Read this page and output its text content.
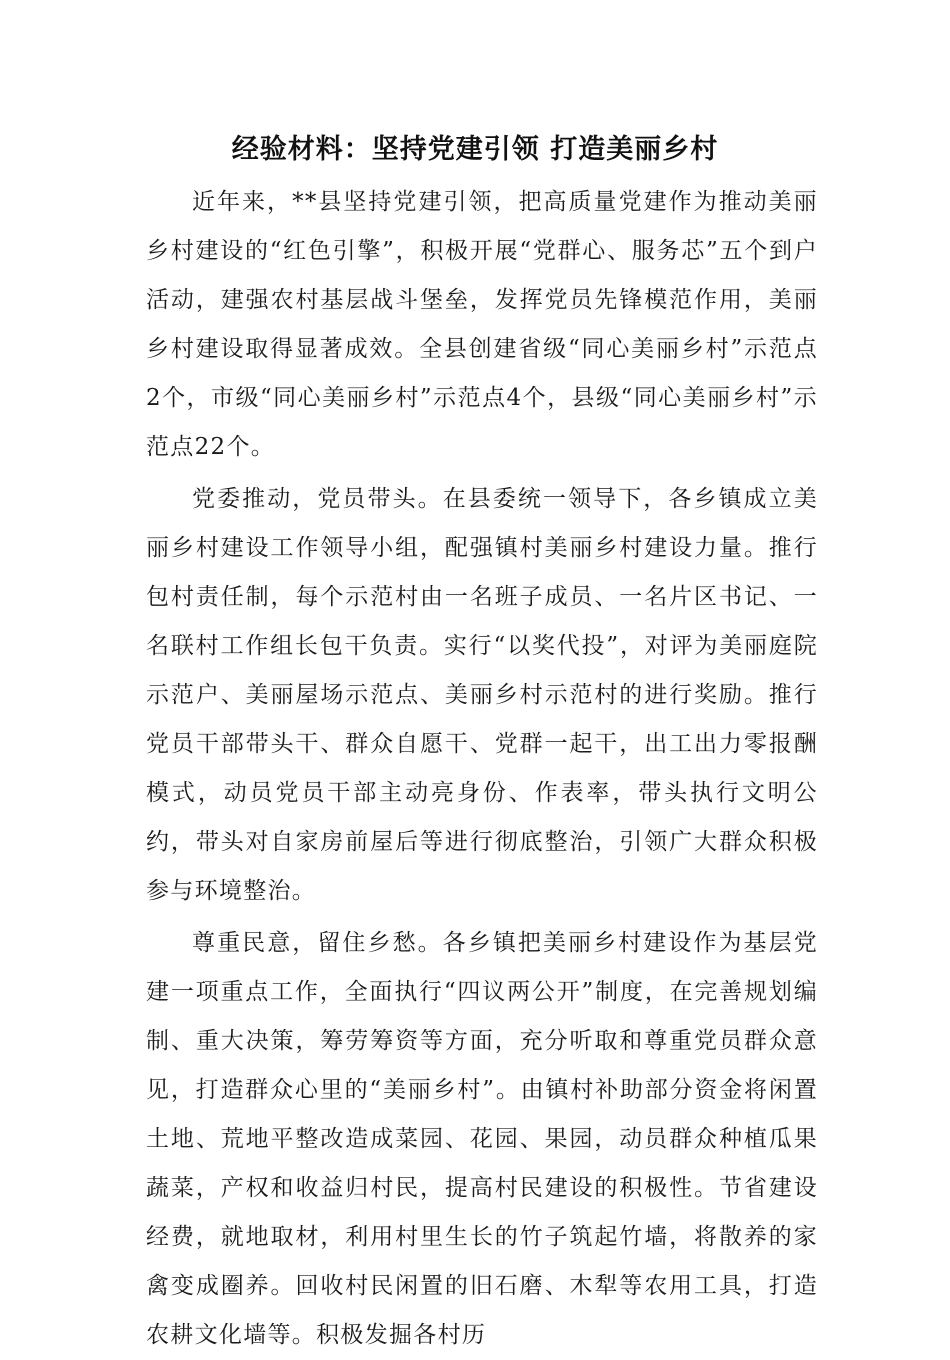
经验材料：坚持党建引领 打造美丽乡村

近年来，**县坚持党建引领，把高质量党建作为推动美丽乡村建设的“红色引擎”，积极开展“党群心、服务芯”五个到户活动，建强农村基层战斗堡垒，发挥党员先锋模范作用，美丽乡村建设取得显著成效。全县创建省级“同心美丽乡村”示范点2个，市级“同心美丽乡村”示范点4个，县级“同心美丽乡村”示范点22个。

党委推动，党员带头。在县委统一领导下，各乡镇成立美丽乡村建设工作领导小组，配强镇村美丽乡村建设力量。推行包村责任制，每个示范村由一名班子成员、一名片区书记、一名联村工作组长包干负责。实行“以奖代投”，对评为美丽庭院示范户、美丽屋场示范点、美丽乡村示范村的进行奖励。推行党员干部带头干、群众自愿干、党群一起干，出工出力零报酬模式，动员党员干部主动亮身份、作表率，带头执行文明公约，带头对自家房前屋后等进行彻底整治，引领广大群众积极参与环境整治。

尊重民意，留住乡愁。各乡镇把美丽乡村建设作为基层党建一项重点工作，全面执行“四议两公开”制度，在完善规划编制、重大决策，筹劳筹资等方面，充分听取和尊重党员群众意见，打造群众心里的“美丽乡村”。由镇村补助部分资金将闲置土地、荒地平整改造成菜园、花园、果园，动员群众种植瓜果蔬菜，产权和收益归村民，提高村民建设的积极性。节省建设经费，就地取材，利用村里生长的竹子筑起竹墙，将散养的家禽变成圈养。回收村民闲置的旧石磨、木犁等农用工具，打造农耕文化墙等。积极发掘各村历
